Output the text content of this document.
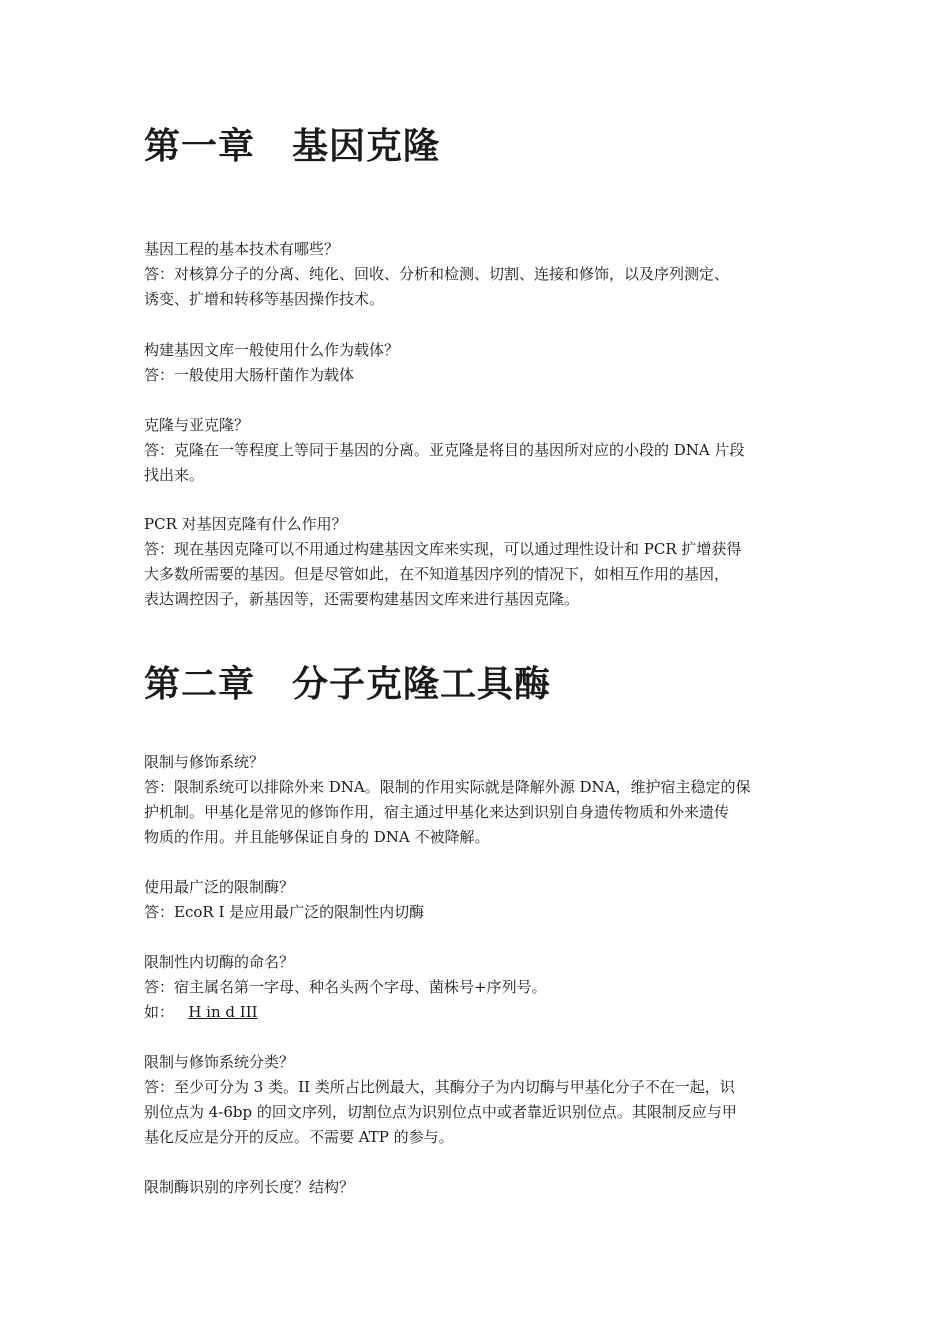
第一章　基因克隆

基因工程的基本技术有哪些？

答：对核算分子的分离、纯化、回收、分析和检测、切割、连接和修饰，以及序列测定、

诱变、扩增和转移等基因操作技术。

构建基因文库一般使用什么作为载体？

答：一般使用大肠杆菌作为载体

克隆与亚克隆？

答：克隆在一等程度上等同于基因的分离。亚克隆是将目的基因所对应的小段的 DNA 片段

找出来。

PCR 对基因克隆有什么作用？

答：现在基因克隆可以不用通过构建基因文库来实现，可以通过理性设计和 PCR 扩增获得

大多数所需要的基因。但是尽管如此，在不知道基因序列的情况下，如相互作用的基因，

表达调控因子，新基因等，还需要构建基因文库来进行基因克隆。

第二章　分子克隆工具酶

限制与修饰系统？

答：限制系统可以排除外来 DNA。限制的作用实际就是降解外源 DNA，维护宿主稳定的保

护机制。甲基化是常见的修饰作用，宿主通过甲基化来达到识别自身遗传物质和外来遗传

物质的作用。并且能够保证自身的 DNA 不被降解。

使用最广泛的限制酶？

答：EcoR I 是应用最广泛的限制性内切酶

限制性内切酶的命名？

答：宿主属名第一字母、种名头两个字母、菌株号+序列号。

如： H in d III

限制与修饰系统分类？

答：至少可分为 3 类。II 类所占比例最大，其酶分子为内切酶与甲基化分子不在一起，识

别位点为 4-6bp 的回文序列，切割位点为识别位点中或者靠近识别位点。其限制反应与甲

基化反应是分开的反应。不需要 ATP 的参与。

限制酶识别的序列长度？结构？
